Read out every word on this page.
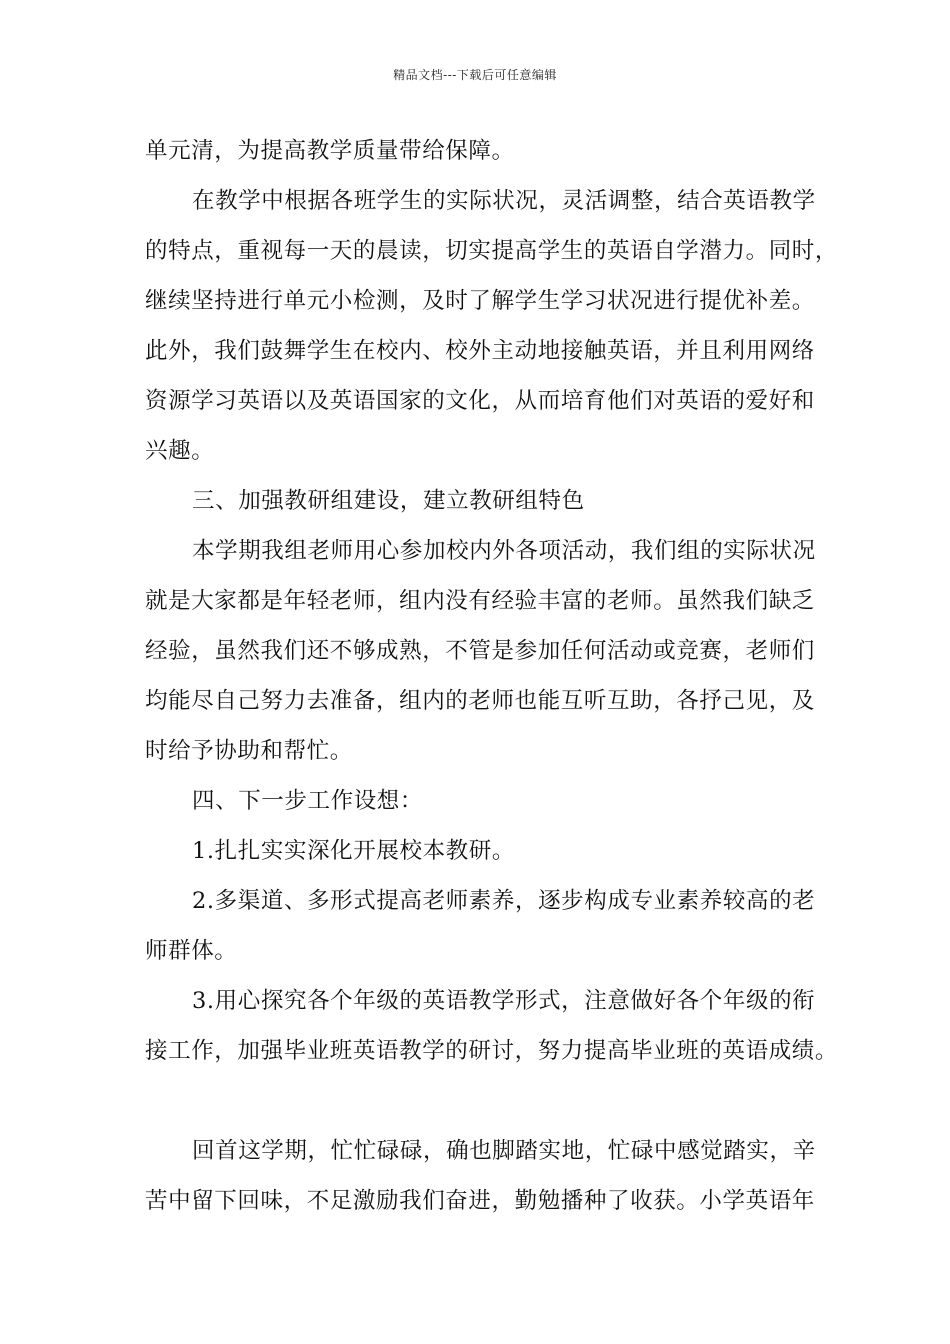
精品文档---下载后可任意编辑
单元清，为提高教学质量带给保障。
在教学中根据各班学生的实际状况，灵活调整，结合英语教学
的特点，重视每一天的晨读，切实提高学生的英语自学潜力。同时，
继续坚持进行单元小检测，及时了解学生学习状况进行提优补差。
此外，我们鼓舞学生在校内、校外主动地接触英语，并且利用网络
资源学习英语以及英语国家的文化，从而培育他们对英语的爱好和
兴趣。
三、加强教研组建设，建立教研组特色
本学期我组老师用心参加校内外各项活动，我们组的实际状况
就是大家都是年轻老师，组内没有经验丰富的老师。虽然我们缺乏
经验，虽然我们还不够成熟，不管是参加任何活动或竞赛，老师们
均能尽自己努力去准备，组内的老师也能互听互助，各抒己见，及
时给予协助和帮忙。
四、下一步工作设想：
1.扎扎实实深化开展校本教研。
2.多渠道、多形式提高老师素养，逐步构成专业素养较高的老
师群体。
3.用心探究各个年级的英语教学形式，注意做好各个年级的衔
接工作，加强毕业班英语教学的研讨，努力提高毕业班的英语成绩。
回首这学期，忙忙碌碌，确也脚踏实地，忙碌中感觉踏实，辛
苦中留下回味，不足激励我们奋进，勤勉播种了收获。小学英语年
